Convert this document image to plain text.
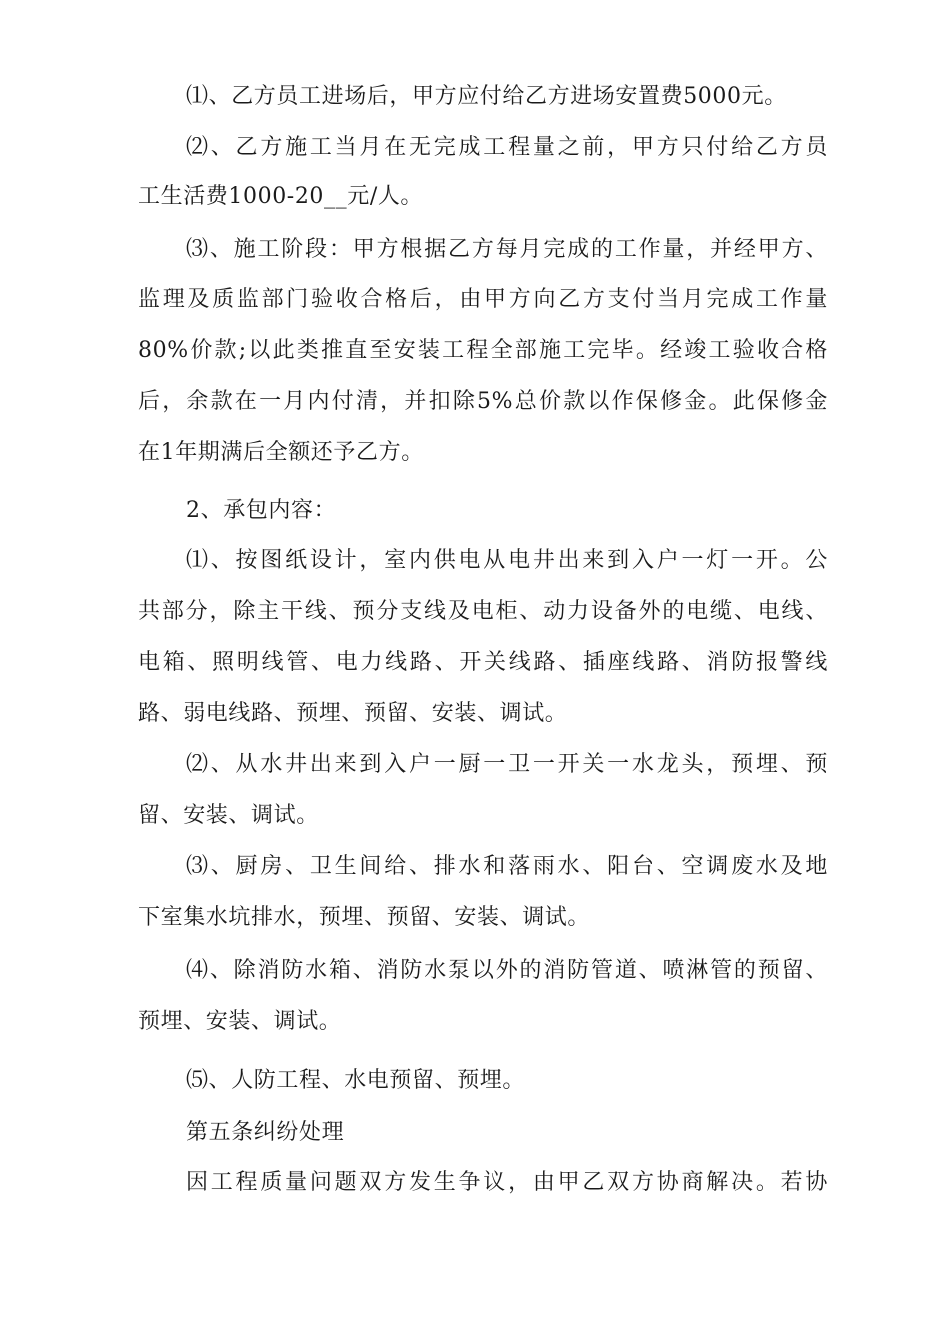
⑴、乙方员工进场后，甲方应付给乙方进场安置费5000元。
⑵、乙方施工当月在无完成工程量之前，甲方只付给乙方员
工生活费1000-20__元/人。
⑶、施工阶段：甲方根据乙方每月完成的工作量，并经甲方、
监理及质监部门验收合格后，由甲方向乙方支付当月完成工作量
80%价款;以此类推直至安装工程全部施工完毕。经竣工验收合格
后，余款在一月内付清，并扣除5%总价款以作保修金。此保修金
在1年期满后全额还予乙方。
2、承包内容：
⑴、按图纸设计，室内供电从电井出来到入户一灯一开。公
共部分，除主干线、预分支线及电柜、动力设备外的电缆、电线、
电箱、照明线管、电力线路、开关线路、插座线路、消防报警线
路、弱电线路、预埋、预留、安装、调试。
⑵、从水井出来到入户一厨一卫一开关一水龙头，预埋、预
留、安装、调试。
⑶、厨房、卫生间给、排水和落雨水、阳台、空调废水及地
下室集水坑排水，预埋、预留、安装、调试。
⑷、除消防水箱、消防水泵以外的消防管道、喷淋管的预留、
预埋、安装、调试。
⑸、人防工程、水电预留、预埋。
第五条纠纷处理
因工程质量问题双方发生争议，由甲乙双方协商解决。若协
